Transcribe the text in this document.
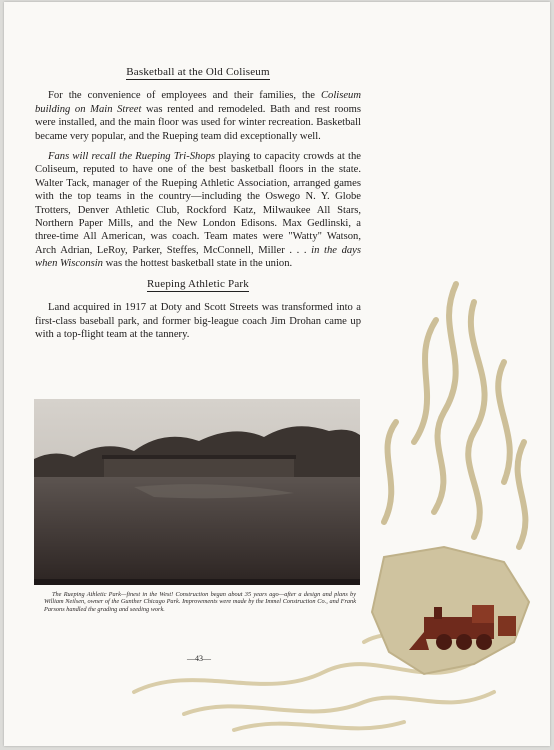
Basketball at the Old Coliseum

For the convenience of employees and their families, the Coliseum building on Main Street was rented and remodeled. Bath and rest rooms were installed, and the main floor was used for winter recreation. Basketball became very popular, and the Rueping team did exceptionally well.

Fans will recall the Rueping Tri-Shops playing to capacity crowds at the Coliseum, reputed to have one of the best basketball floors in the state. Walter Tack, manager of the Rueping Athletic Association, arranged games with the top teams in the country—including the Oswego N. Y. Globe Trotters, Denver Athletic Club, Rockford Katz, Milwaukee All Stars, Northern Paper Mills, and the New London Edisons. Max Gedlinski, a three-time All American, was coach. Team mates were "Watty" Watson, Arch Adrian, LeRoy, Parker, Steffes, McConnell, Miller . . . in the days when Wisconsin was the hottest basketball state in the union.

Rueping Athletic Park

Land acquired in 1917 at Doty and Scott Streets was transformed into a first-class baseball park, and former big-league coach Jim Drohan came up with a top-flight team at the tannery.

The Rueping Athletic Park—finest in the West! Construction began about 35 years ago—after a design and plans by William Neilsen, owner of the Gunther Chicago Park. Improvements were made by the Immel Construction Co., and Frank Parsons handled the grading and seeding work.
—43—
